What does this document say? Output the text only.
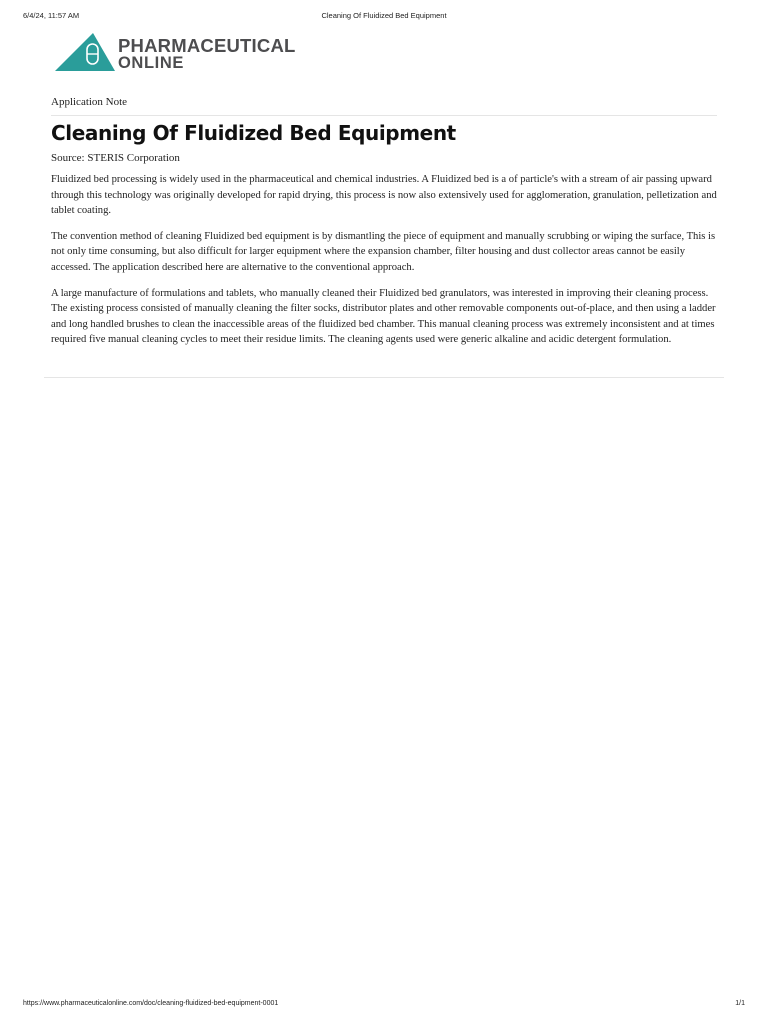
6/4/24, 11:57 AM	Cleaning Of Fluidized Bed Equipment
PHARMACEUTICAL
ONLINE
Application Note
Cleaning Of Fluidized Bed Equipment
Source: STERIS Corporation

Fluidized bed processing is widely used in the pharmaceutical and chemical industries. A Fluidized bed is a of particle's with a stream of air passing upward through this technology was originally developed for rapid drying, this process is now also extensively used for agglomeration, granulation, pelletization and tablet coating.

The convention method of cleaning Fluidized bed equipment is by dismantling the piece of equipment and manually scrubbing or wiping the surface, This is not only time consuming, but also difficult for larger equipment where the expansion chamber, filter housing and dust collector areas cannot be easily accessed. The application described here are alternative to the conventional approach.

A large manufacture of formulations and tablets, who manually cleaned their Fluidized bed granulators, was interested in improving their cleaning process. The existing process consisted of manually cleaning the filter socks, distributor plates and other removable components out-of-place, and then using a ladder and long handled brushes to clean the inaccessible areas of the fluidized bed chamber. This manual cleaning process was extremely inconsistent and at times required five manual cleaning cycles to meet their residue limits. The cleaning agents used were generic alkaline and acidic detergent formulation.

https://www.pharmaceuticalonline.com/doc/cleaning-fluidized-bed-equipment-0001	1/1
